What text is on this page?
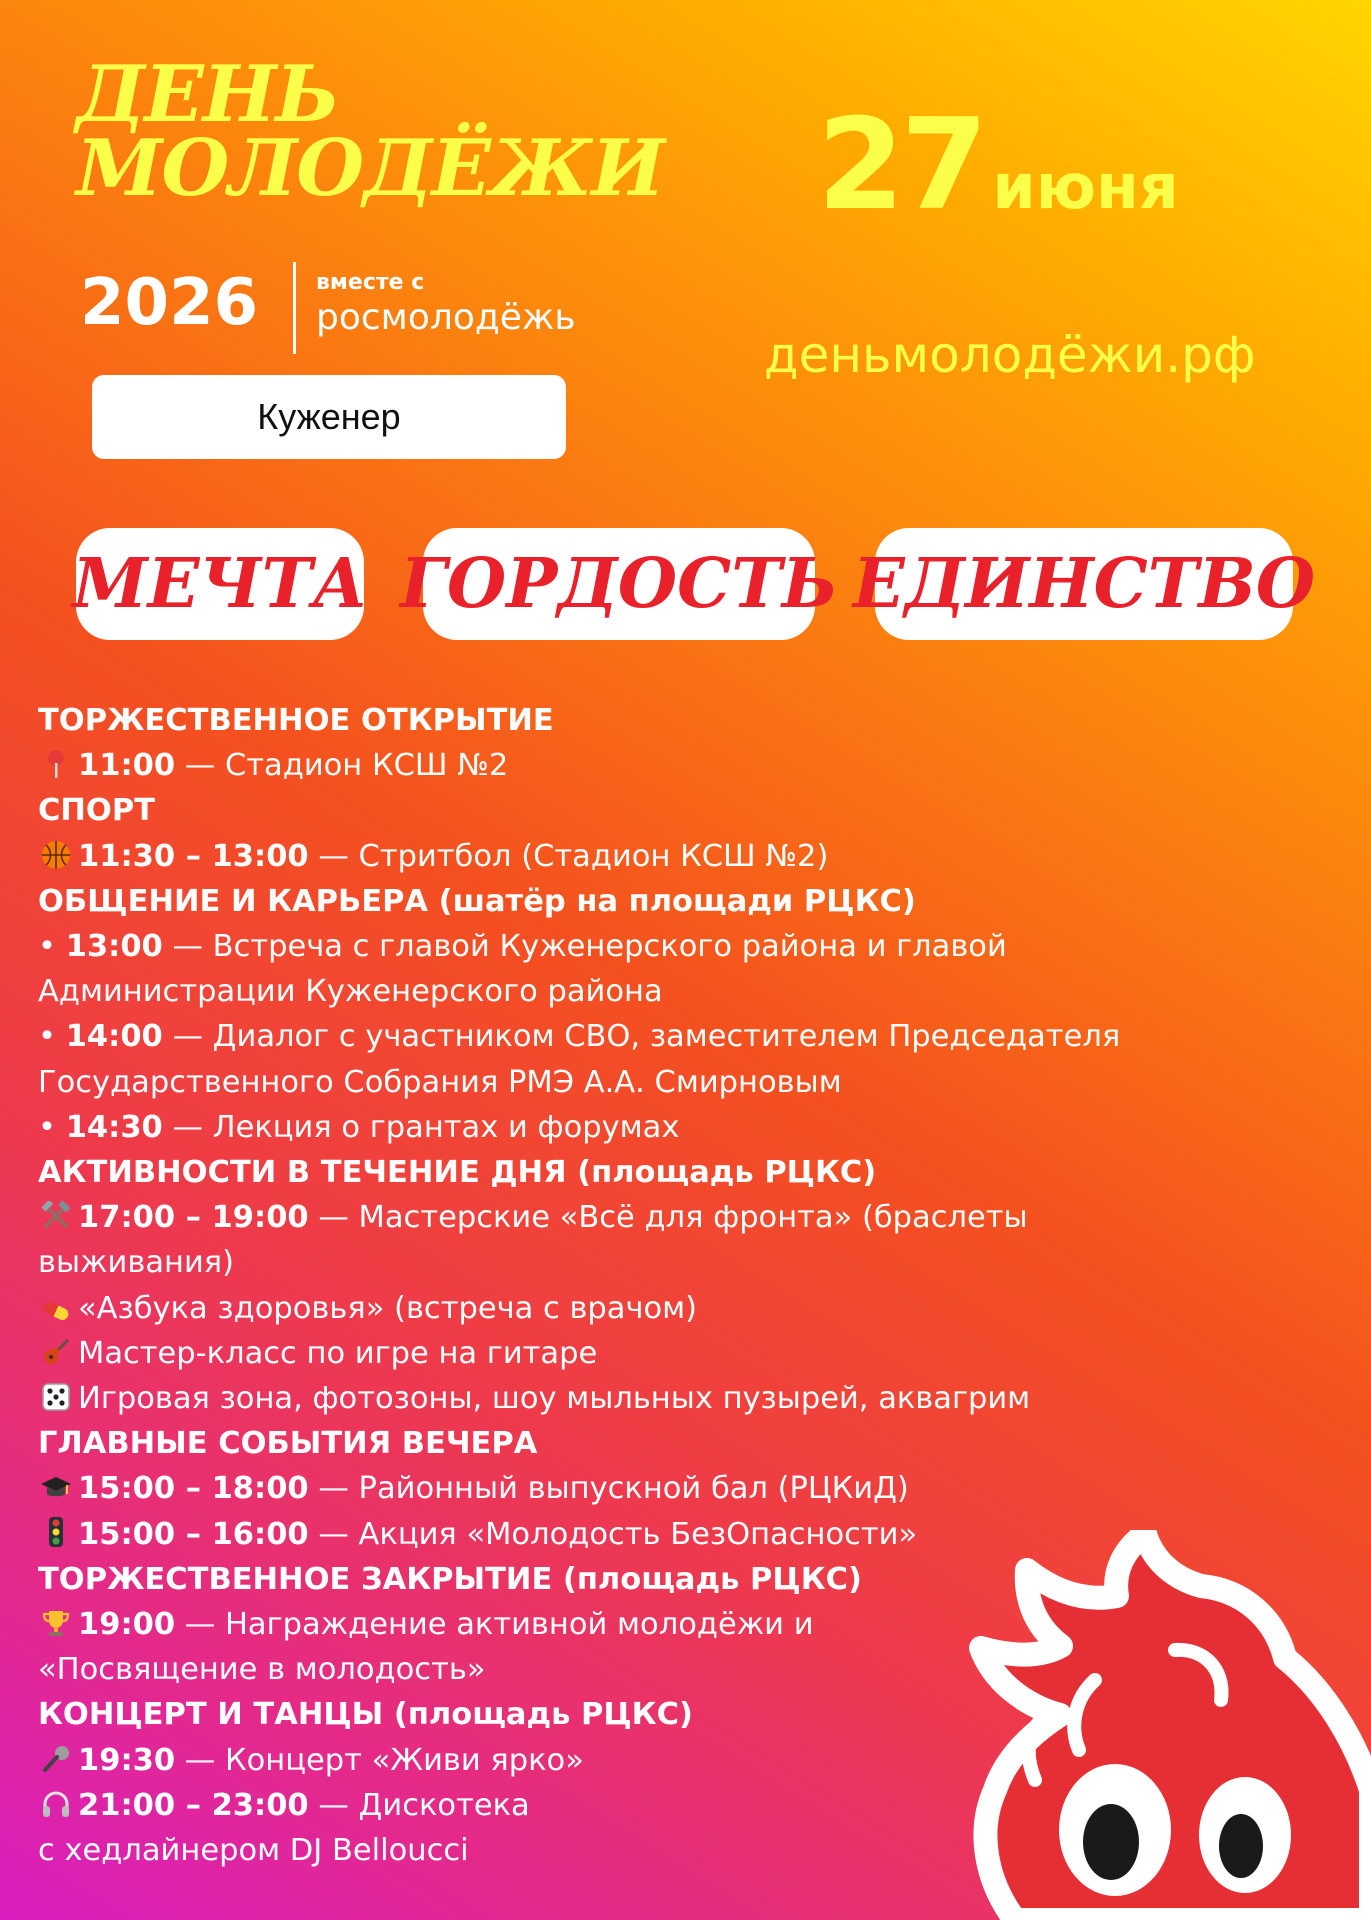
ДЕНЬ
МОЛОДЁЖИ
2026	вместе с
росмолодёжь
Куженер
27 июня
деньмолодёжи.рф
МЕЧТА ГОРДОСТЬ ЕДИНСТВО
ТОРЖЕСТВЕННОЕ ОТКРЫТИЕ
11:00 — Стадион КСШ №2
СПОРТ
11:30 – 13:00 — Стритбол (Стадион КСШ №2)
ОБЩЕНИЕ И КАРЬЕРА (шатёр на площади РЦКС)
• 13:00 — Встреча с главой Куженерского района и главой
Администрации Куженерского района
• 14:00 — Диалог с участником СВО, заместителем Председателя
Государственного Собрания РМЭ А.А. Смирновым
• 14:30 — Лекция о грантах и форумах
АКТИВНОСТИ В ТЕЧЕНИЕ ДНЯ (площадь РЦКС)
17:00 – 19:00 — Мастерские «Всё для фронта» (браслеты
выживания)
«Азбука здоровья» (встреча с врачом)
Мастер-класс по игре на гитаре
Игровая зона, фотозоны, шоу мыльных пузырей, аквагрим
ГЛАВНЫЕ СОБЫТИЯ ВЕЧЕРА
15:00 – 18:00 — Районный выпускной бал (РЦКиД)
15:00 – 16:00 — Акция «Молодость БезОпасности»
ТОРЖЕСТВЕННОЕ ЗАКРЫТИЕ (площадь РЦКС)
19:00 — Награждение активной молодёжи и
«Посвящение в молодость»
КОНЦЕРТ И ТАНЦЫ (площадь РЦКС)
19:30 — Концерт «Живи ярко»
21:00 – 23:00 — Дискотека
с хедлайнером DJ Belloucci
